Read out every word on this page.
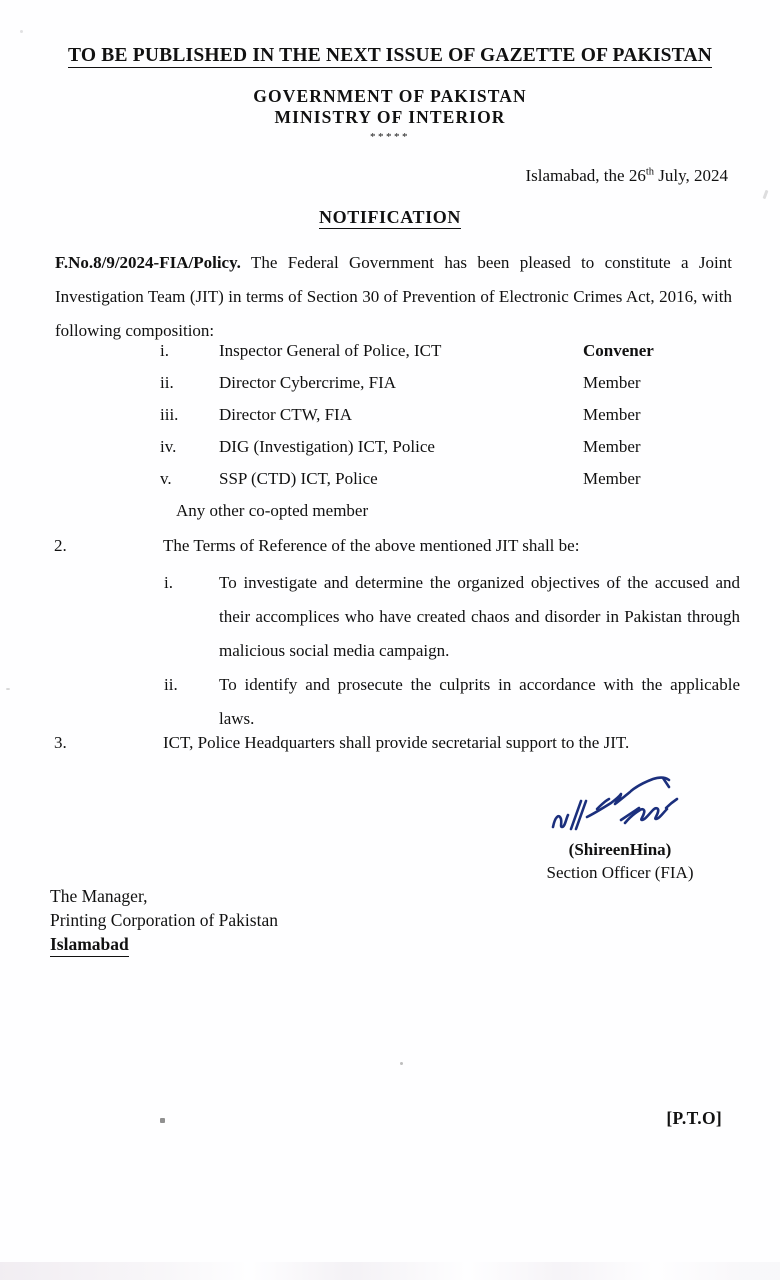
TO BE PUBLISHED IN THE NEXT ISSUE OF GAZETTE OF PAKISTAN
GOVERNMENT OF PAKISTAN
MINISTRY OF INTERIOR
*****
Islamabad, the 26th July, 2024
NOTIFICATION
F.No.8/9/2024-FIA/Policy. The Federal Government has been pleased to constitute a Joint Investigation Team (JIT) in terms of Section 30 of Prevention of Electronic Crimes Act, 2016, with following composition:
i.	Inspector General of Police, ICT	Convener
ii.	Director Cybercrime, FIA	Member
iii.	Director CTW, FIA	Member
iv.	DIG (Investigation) ICT, Police	Member
v.	SSP (CTD) ICT, Police	Member
Any other co-opted member
2.	The Terms of Reference of the above mentioned JIT shall be:
i.	To investigate and determine the organized objectives of the accused and their accomplices who have created chaos and disorder in Pakistan through malicious social media campaign.
ii. To identify and prosecute the culprits in accordance with the applicable laws.
3.	ICT, Police Headquarters shall provide secretarial support to the JIT.
(ShireenHina)
Section Officer (FIA)
The Manager,
Printing Corporation of Pakistan
Islamabad
[P.T.O]
